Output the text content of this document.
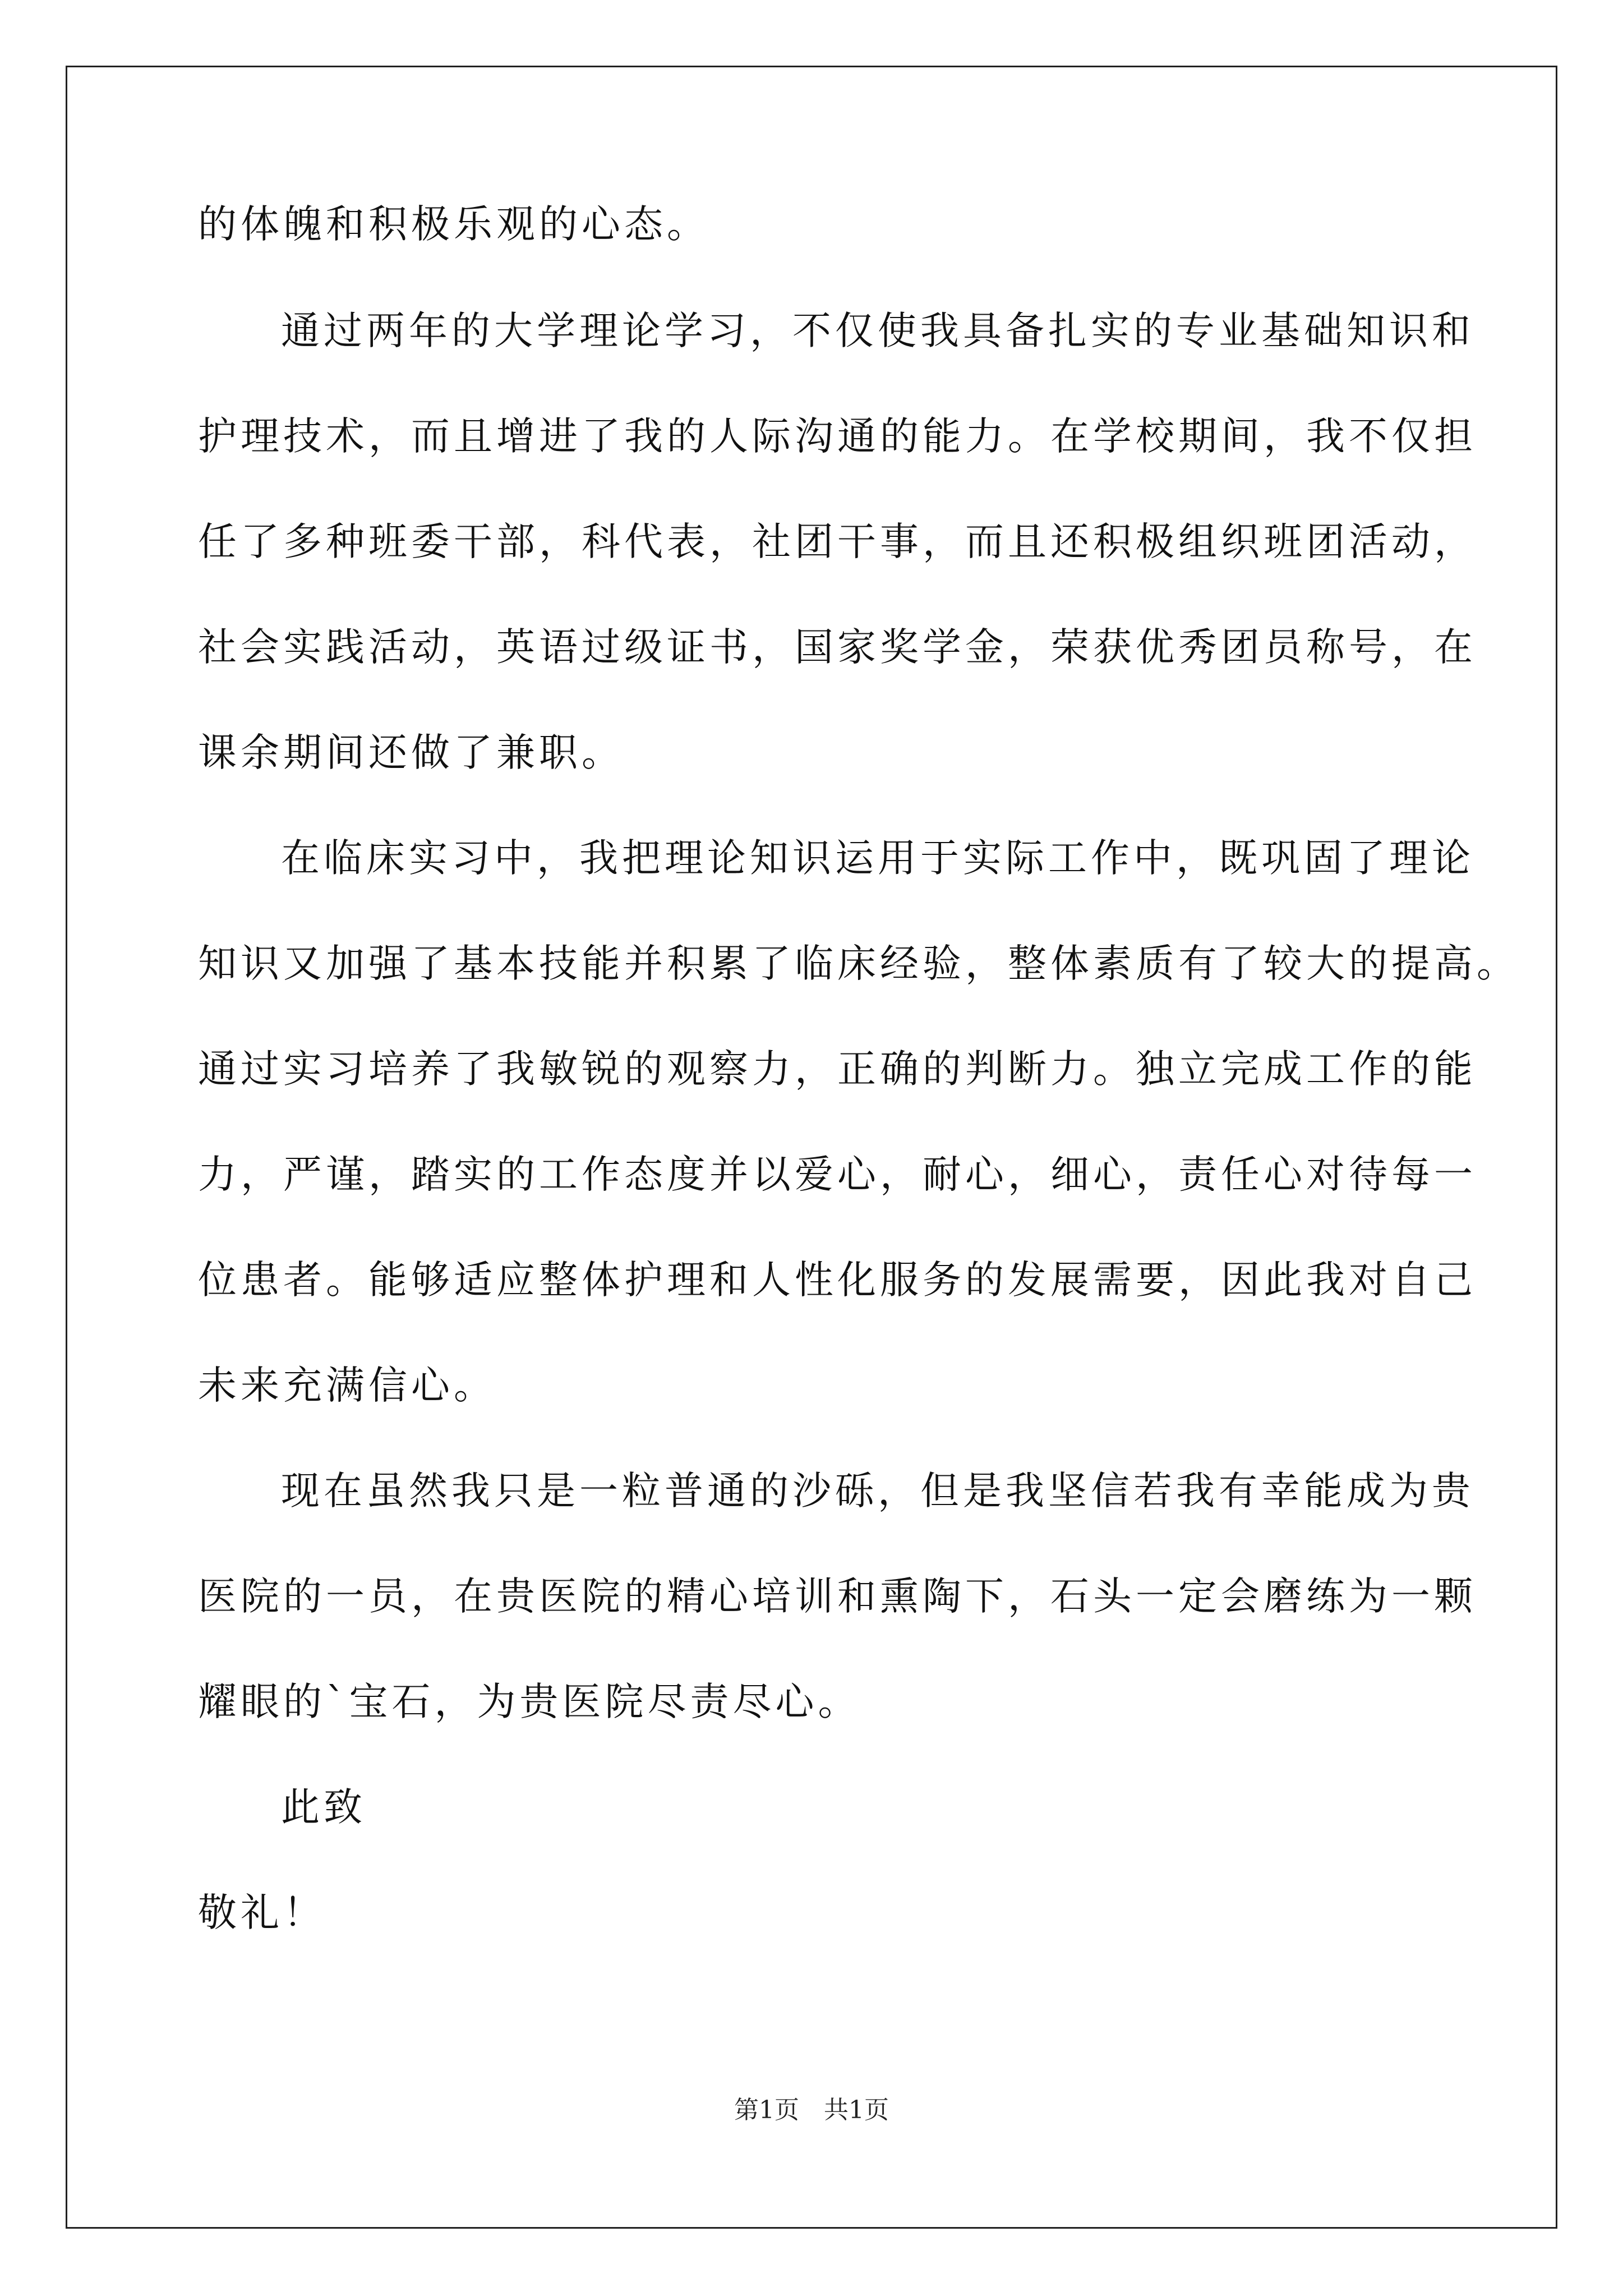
的体魄和积极乐观的心态。
通过两年的大学理论学习，不仅使我具备扎实的专业基础知识和
护理技术，而且增进了我的人际沟通的能力。在学校期间，我不仅担
任了多种班委干部，科代表，社团干事，而且还积极组织班团活动，
社会实践活动，英语过级证书，国家奖学金，荣获优秀团员称号，在
课余期间还做了兼职。
在临床实习中，我把理论知识运用于实际工作中，既巩固了理论
知识又加强了基本技能并积累了临床经验，整体素质有了较大的提高。
通过实习培养了我敏锐的观察力，正确的判断力。独立完成工作的能
力，严谨，踏实的工作态度并以爱心，耐心，细心，责任心对待每一
位患者。能够适应整体护理和人性化服务的发展需要，因此我对自己
未来充满信心。
现在虽然我只是一粒普通的沙砾，但是我坚信若我有幸能成为贵
医院的一员，在贵医院的精心培训和熏陶下，石头一定会磨练为一颗
耀眼的`宝石，为贵医院尽责尽心。
此致
敬礼！
第1页 共1页
